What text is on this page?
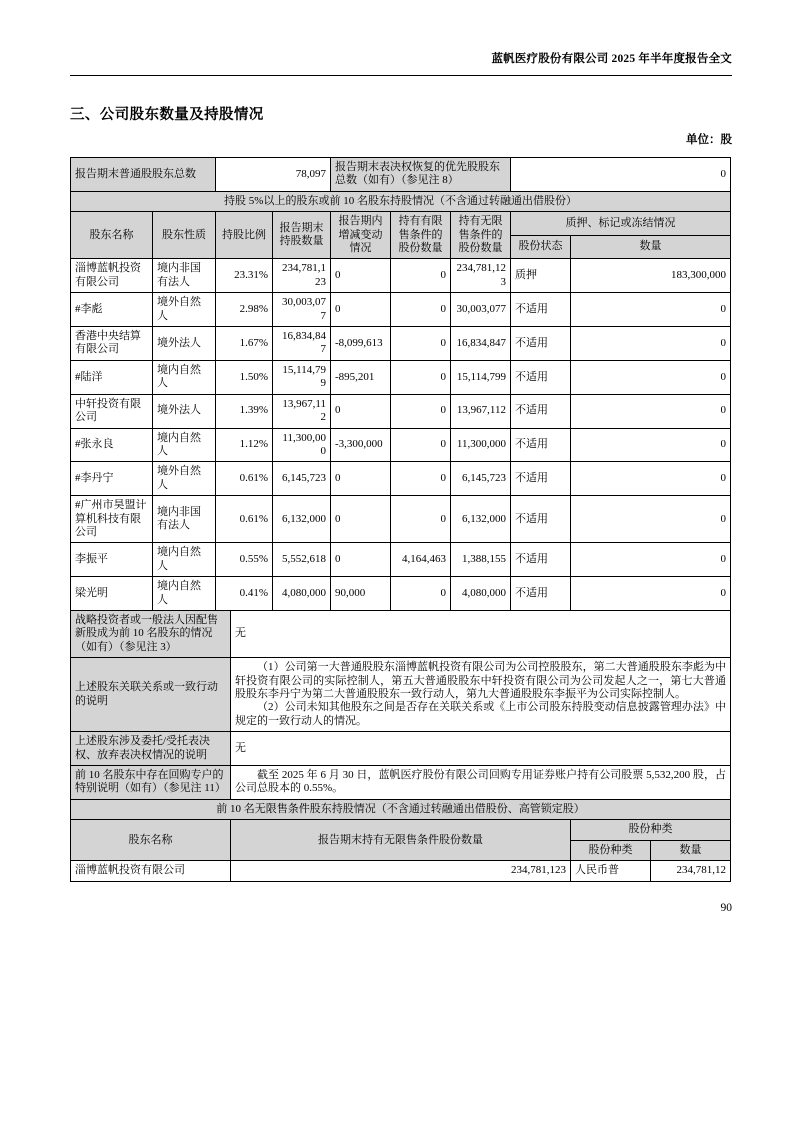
蓝帆医疗股份有限公司 2025 年半年度报告全文
三、公司股东数量及持股情况
单位：股
报告期末普通股股东总数		78,097		报告期末表决权恢复的优先股股东总数（如有）（参见注 8）			0	
持股 5%以上的股东或前 10 名股东持股情况（不含通过转融通出借股份）								
股东名称	股东性质	持股比例	报告期末持股数量	报告期内增减变动情况	持有有限售条件的股份数量	持有无限售条件的股份数量	质押、标记或冻结情况	
							股份状态	数量
淄博蓝帆投资有限公司	境内非国有法人	23.31%	234,781,123	0	0	234,781,123	质押	183,300,000
#李彪	境外自然人	2.98%	30,003,077	0	0	30,003,077	不适用	0
香港中央结算有限公司	境外法人	1.67%	16,834,847	-8,099,613	0	16,834,847	不适用	0
#陆洋	境内自然人	1.50%	15,114,799	-895,201	0	15,114,799	不适用	0
中轩投资有限公司	境外法人	1.39%	13,967,112	0	0	13,967,112	不适用	0
#张永良	境内自然人	1.12%	11,300,000	-3,300,000	0	11,300,000	不适用	0
#李丹宁	境外自然人	0.61%	6,145,723	0	0	6,145,723	不适用	0
#广州市昊盟计算机科技有限公司	境内非国有法人	0.61%	6,132,000	0	0	6,132,000	不适用	0
李振平	境内自然人	0.55%	5,552,618	0	4,164,463	1,388,155	不适用	0
梁光明	境内自然人	0.41%	4,080,000	90,000	0	4,080,000	不适用	0
战略投资者或一般法人因配售新股成为前 10 名股东的情况（如有）（参见注 3）	无
上述股东关联关系或一致行动的说明	（1）公司第一大普通股股东淄博蓝帆投资有限公司为公司控股股东，第二大普通股股东李彪为中轩投资有限公司的实际控制人，第五大普通股股东中轩投资有限公司为公司发起人之一，第七大普通股股东李丹宁为第二大普通股股东一致行动人，第九大普通股股东李振平为公司实际控制人。

（2）公司未知其他股东之间是否存在关联关系或《上市公司股东持股变动信息披露管理办法》中规定的一致行动人的情况。

上述股东涉及委托/受托表决权、放弃表决权情况的说明	无
前 10 名股东中存在回购专户的特别说明（如有）（参见注 11）	截至 2025 年 6 月 30 日，蓝帆医疗股份有限公司回购专用证券账户持有公司股票 5,532,200 股，占公司总股本的 0.55%。

前 10 名无限售条件股东持股情况（不含通过转融通出借股份、高管锁定股）			
股东名称	报告期末持有无限售条件股份数量	股份种类	
		股份种类	数量
淄博蓝帆投资有限公司	234,781,123	人民币普	234,781,12
90
